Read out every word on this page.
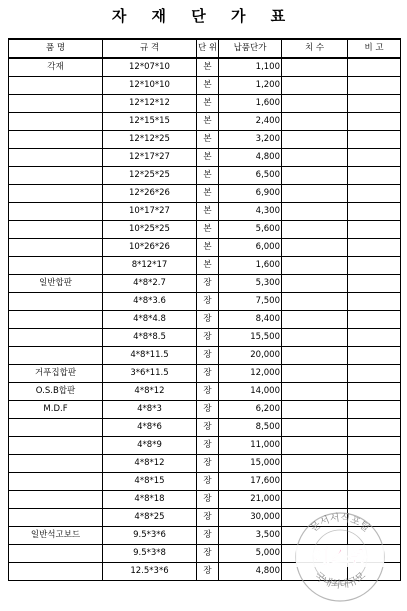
자 재 단 가 표
품 명	규 격	단 위	납품단가	치 수	비 고
각재	12*07*10	본	1,100		
	12*10*10	본	1,200		
	12*12*12	본	1,600		
	12*15*15	본	2,400		
	12*12*25	본	3,200		
	12*17*27	본	4,800		
	12*25*25	본	6,500		
	12*26*26	본	6,900		
	10*17*27	본	4,300		
	10*25*25	본	5,600		
	10*26*26	본	6,000		
	8*12*17	본	1,600		
일반합판	4*8*2.7	장	5,300		
	4*8*3.6	장	7,500		
	4*8*4.8	장	8,400		
	4*8*8.5	장	15,500		
	4*8*11.5	장	20,000		
거푸집합판	3*6*11.5	장	12,000		
O.S.B합판	4*8*12	장	14,000		
M.D.F	4*8*3	장	6,200		
	4*8*6	장	8,500		
	4*8*9	장	11,000		
	4*8*12	장	15,000		
	4*8*15	장	17,600		
	4*8*18	장	21,000		
	4*8*25	장	30,000		
일반석고보드	9.5*3*6	장	3,500		
	9.5*3*8	장	5,000		
	12.5*3*6	장	4,800		
문서서식포털
국내최대규모
예스폼
